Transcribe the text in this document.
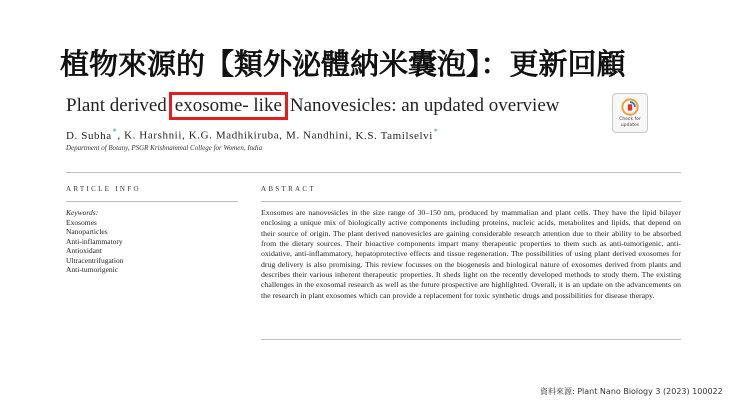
植物來源的【類外泌體納米囊泡】：更新回顧
Plant derived exosome- like Nanovesicles: an updated overview
Check for updates
D. Subha*, K. Harshnii, K.G. Madhikiruba, M. Nandhini, K.S. Tamilselvi*
Department of Botany, PSGR Krishnammal College for Women, India
ARTICLE INFO	ABSTRACT
Keywords:
Exosomes
Nanoparticles
Anti-inflammatory
Antioxidant
Ultracentrifugation
Anti-tumorigenic
Exosomes are nanovesicles in the size range of 30–150 nm, produced by mammalian and plant cells. They have the lipid bilayer enclosing a unique mix of biologically active components including proteins, nucleic acids, metabolites and lipids, that depend on their source of origin. The plant derived nanovesicles are gaining considerable research attention due to their ability to be absorbed from the dietary sources. Their bioactive components impart many therapeutic properties to them such as anti-tumorigenic, anti-oxidative, anti-inflammatory, hepatoprotective effects and tissue regeneration. The possibilities of using plant derived exosomes for drug delivery is also promising. This review focusses on the biogenesis and biological nature of exosomes derived from plants and describes their various inherent therapeutic properties. It sheds light on the recently developed methods to study them. The existing challenges in the exosomal research as well as the future prospective are highlighted. Overall, it is an update on the advancements on the research in plant exosomes which can provide a replacement for toxic synthetic drugs and possibilities for disease therapy.
資料來源: Plant Nano Biology 3 (2023) 100022
